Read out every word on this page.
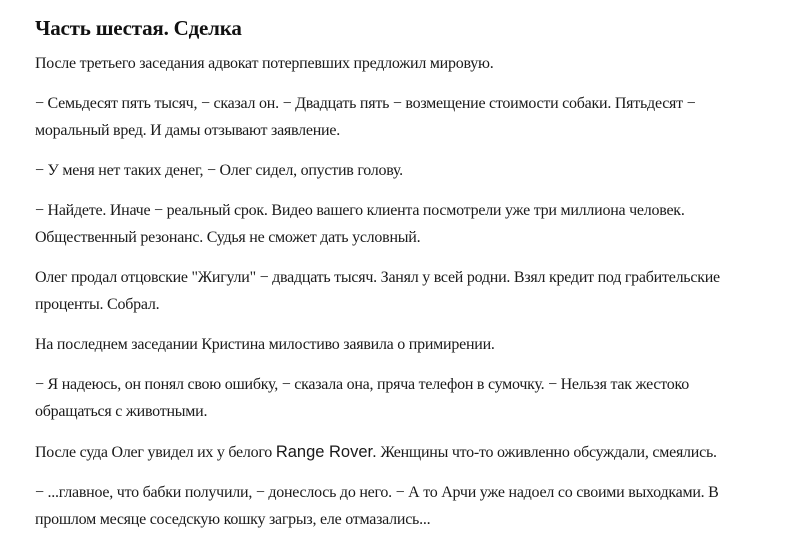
Часть шестая. Сделка

После третьего заседания адвокат потерпевших предложил мировую.

− Семьдесят пять тысяч, − сказал он. − Двадцать пять − возмещение стоимости собаки. Пятьдесят − моральный вред. И дамы отзывают заявление.

− У меня нет таких денег, − Олег сидел, опустив голову.

− Найдете. Иначе − реальный срок. Видео вашего клиента посмотрели уже три миллиона человек. Общественный резонанс. Судья не сможет дать условный.

Олег продал отцовские "Жигули" − двадцать тысяч. Занял у всей родни. Взял кредит под грабительские проценты. Собрал.

На последнем заседании Кристина милостиво заявила о примирении.

− Я надеюсь, он понял свою ошибку, − сказала она, пряча телефон в сумочку. − Нельзя так жестоко обращаться с животными.

После суда Олег увидел их у белого Range Rover. Женщины что-то оживленно обсуждали, смеялись.

− ...главное, что бабки получили, − донеслось до него. − А то Арчи уже надоел со своими выходками. В прошлом месяце соседскую кошку загрыз, еле отмазались...
